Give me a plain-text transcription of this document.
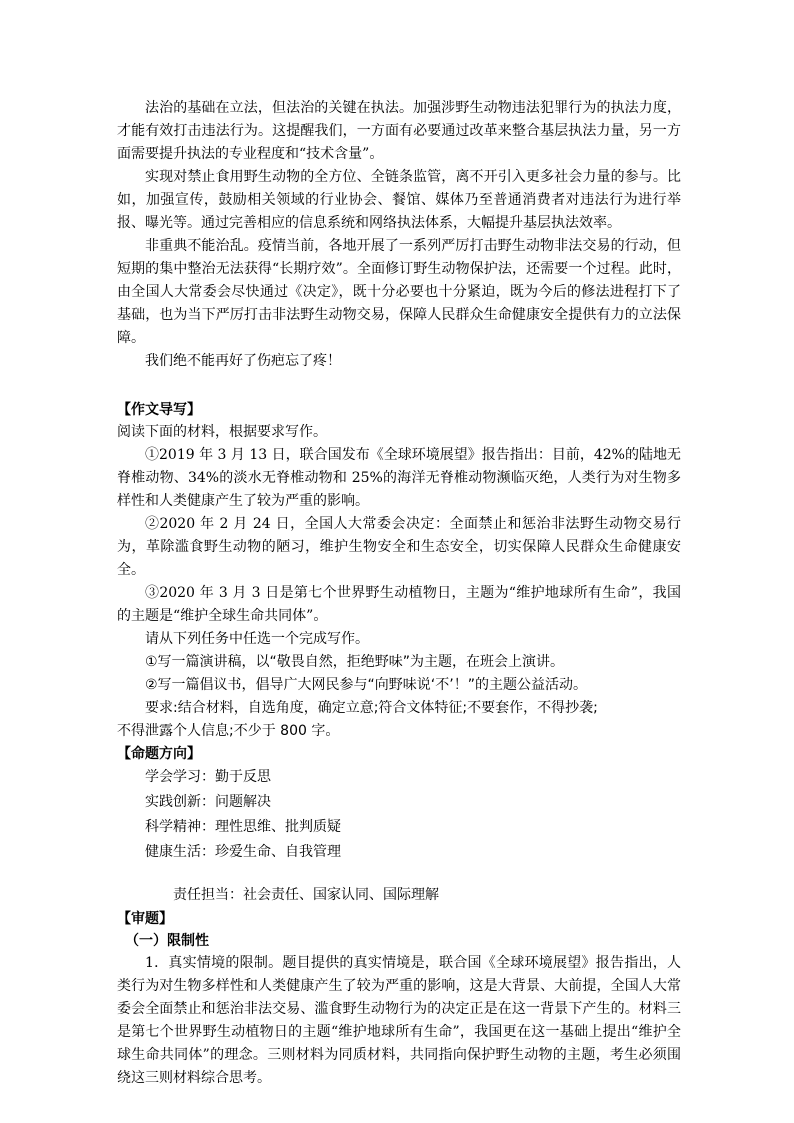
法治的基础在立法，但法治的关键在执法。加强涉野生动物违法犯罪行为的执法力度，才能有效打击违法行为。这提醒我们，一方面有必要通过改革来整合基层执法力量，另一方面需要提升执法的专业程度和“技术含量”。

实现对禁止食用野生动物的全方位、全链条监管，离不开引入更多社会力量的参与。比如，加强宣传，鼓励相关领域的行业协会、餐馆、媒体乃至普通消费者对违法行为进行举报、曝光等。通过完善相应的信息系统和网络执法体系，大幅提升基层执法效率。

非重典不能治乱。疫情当前，各地开展了一系列严厉打击野生动物非法交易的行动，但短期的集中整治无法获得“长期疗效”。全面修订野生动物保护法，还需要一个过程。此时，由全国人大常委会尽快通过《决定》，既十分必要也十分紧迫，既为今后的修法进程打下了基础，也为当下严厉打击非法野生动物交易，保障人民群众生命健康安全提供有力的立法保障。

我们绝不能再好了伤疤忘了疼！

【作文导写】

阅读下面的材料，根据要求写作。

①2019 年 3 月 13 日，联合国发布《全球环境展望》报告指出：目前，42%的陆地无脊椎动物、34%的淡水无脊椎动物和 25%的海洋无脊椎动物濒临灭绝，人类行为对生物多样性和人类健康产生了较为严重的影响。

②2020 年 2 月 24 日，全国人大常委会决定：全面禁止和惩治非法野生动物交易行为，革除滥食野生动物的陋习，维护生物安全和生态安全，切实保障人民群众生命健康安全。

③2020 年 3 月 3 日是第七个世界野生动植物日，主题为“维护地球所有生命”，我国的主题是“维护全球生命共同体”。

请从下列任务中任选一个完成写作。

①写一篇演讲稿，以“敬畏自然，拒绝野味”为主题，在班会上演讲。

②写一篇倡议书，倡导广大网民参与“向野味说‘不’！”的主题公益活动。

要求:结合材料，自选角度，确定立意;符合文体特征;不要套作，不得抄袭;

不得泄露个人信息;不少于 800 字。

【命题方向】

学会学习：勤于反思

实践创新：问题解决

科学精神：理性思维、批判质疑

健康生活：珍爱生命、自我管理

责任担当：社会责任、国家认同、国际理解

【审题】
（一）限制性

1．真实情境的限制。题目提供的真实情境是，联合国《全球环境展望》报告指出，人类行为对生物多样性和人类健康产生了较为严重的影响，这是大背景、大前提，全国人大常委会全面禁止和惩治非法交易、滥食野生动物行为的决定正是在这一背景下产生的。材料三是第七个世界野生动植物日的主题“维护地球所有生命”，我国更在这一基础上提出“维护全球生命共同体”的理念。三则材料为同质材料，共同指向保护野生动物的主题，考生必须围绕这三则材料综合思考。
